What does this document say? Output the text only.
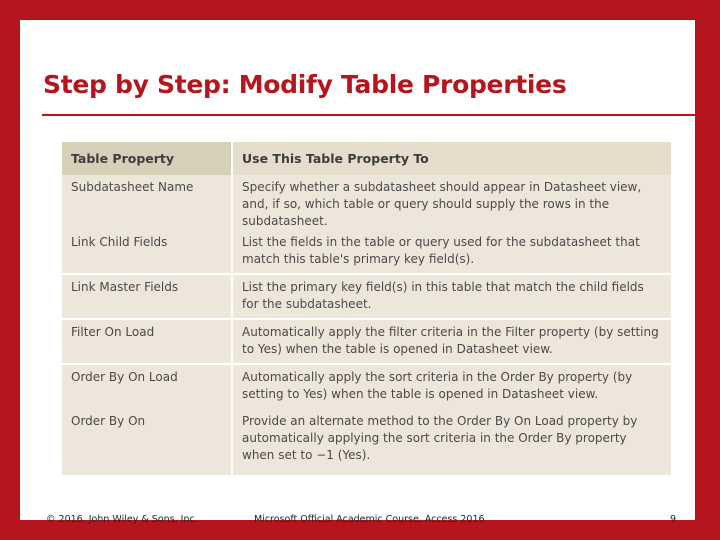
Step by Step: Modify Table Properties
Table Property	Use This Table Property To
Subdatasheet Name	Specify whether a subdatasheet should appear in Datasheet view, and, if so, which table or query should supply the rows in the subdatasheet.
Link Child Fields	List the fields in the table or query used for the subdatasheet that match this table's primary key field(s).
Link Master Fields	List the primary key field(s) in this table that match the child fields for the subdatasheet.
Filter On Load	Automatically apply the filter criteria in the Filter property (by setting to Yes) when the table is opened in Datasheet view.
Order By On Load	Automatically apply the sort criteria in the Order By property (by setting to Yes) when the table is opened in Datasheet view.
Order By On	Provide an alternate method to the Order By On Load property by automatically applying the sort criteria in the Order By property when set to −1 (Yes).
© 2016, John Wiley & Sons, Inc.	Microsoft Official Academic Course, Access 2016	9
